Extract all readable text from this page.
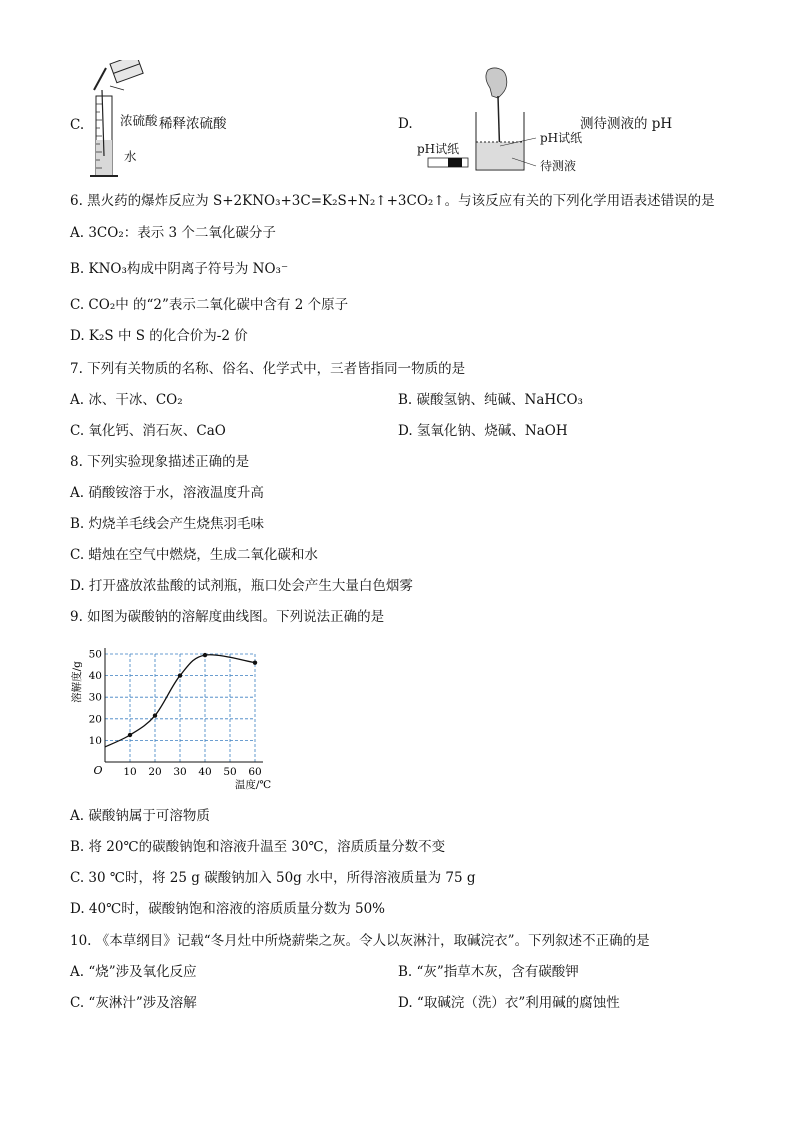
C.	浓硫酸 稀释浓硫酸
水
D.
pH试纸
pH试纸
待测液
测待测液的 pH
6. 黑火药的爆炸反应为 S+2KNO₃+3C=K₂S+N₂↑+3CO₂↑。与该反应有关的下列化学用语表述错误的是
A. 3CO₂：表示 3 个二氧化碳分子
B. KNO₃构成中阴离子符号为 NO₃⁻
C. CO₂中 的“2”表示二氧化碳中含有 2 个原子
D. K₂S 中 S 的化合价为-2 价
7. 下列有关物质的名称、俗名、化学式中，三者皆指同一物质的是
A. 冰、干冰、CO₂	B. 碳酸氢钠、纯碱、NaHCO₃
C. 氧化钙、消石灰、CaO	D. 氢氧化钠、烧碱、NaOH
8. 下列实验现象描述正确的是
A. 硝酸铵溶于水，溶液温度升高
B. 灼烧羊毛线会产生烧焦羽毛味
C. 蜡烛在空气中燃烧，生成二氧化碳和水
D. 打开盛放浓盐酸的试剂瓶，瓶口处会产生大量白色烟雾
9. 如图为碳酸钠的溶解度曲线图。下列说法正确的是
10 20 30 40 50 60
10
20
30
40
50
O
温度/℃
溶解度/g
A. 碳酸钠属于可溶物质
B. 将 20℃的碳酸钠饱和溶液升温至 30℃，溶质质量分数不变
C. 30 ℃时，将 25 g 碳酸钠加入 50g 水中，所得溶液质量为 75 g
D. 40℃时，碳酸钠饱和溶液的溶质质量分数为 50%
10. 《本草纲目》记载“冬月灶中所烧薪柴之灰。令人以灰淋汁，取碱浣衣”。下列叙述不正确的是
A. “烧”涉及氧化反应	B. “灰”指草木灰，含有碳酸钾
C. “灰淋汁”涉及溶解	D. “取碱浣（洗）衣”利用碱的腐蚀性
